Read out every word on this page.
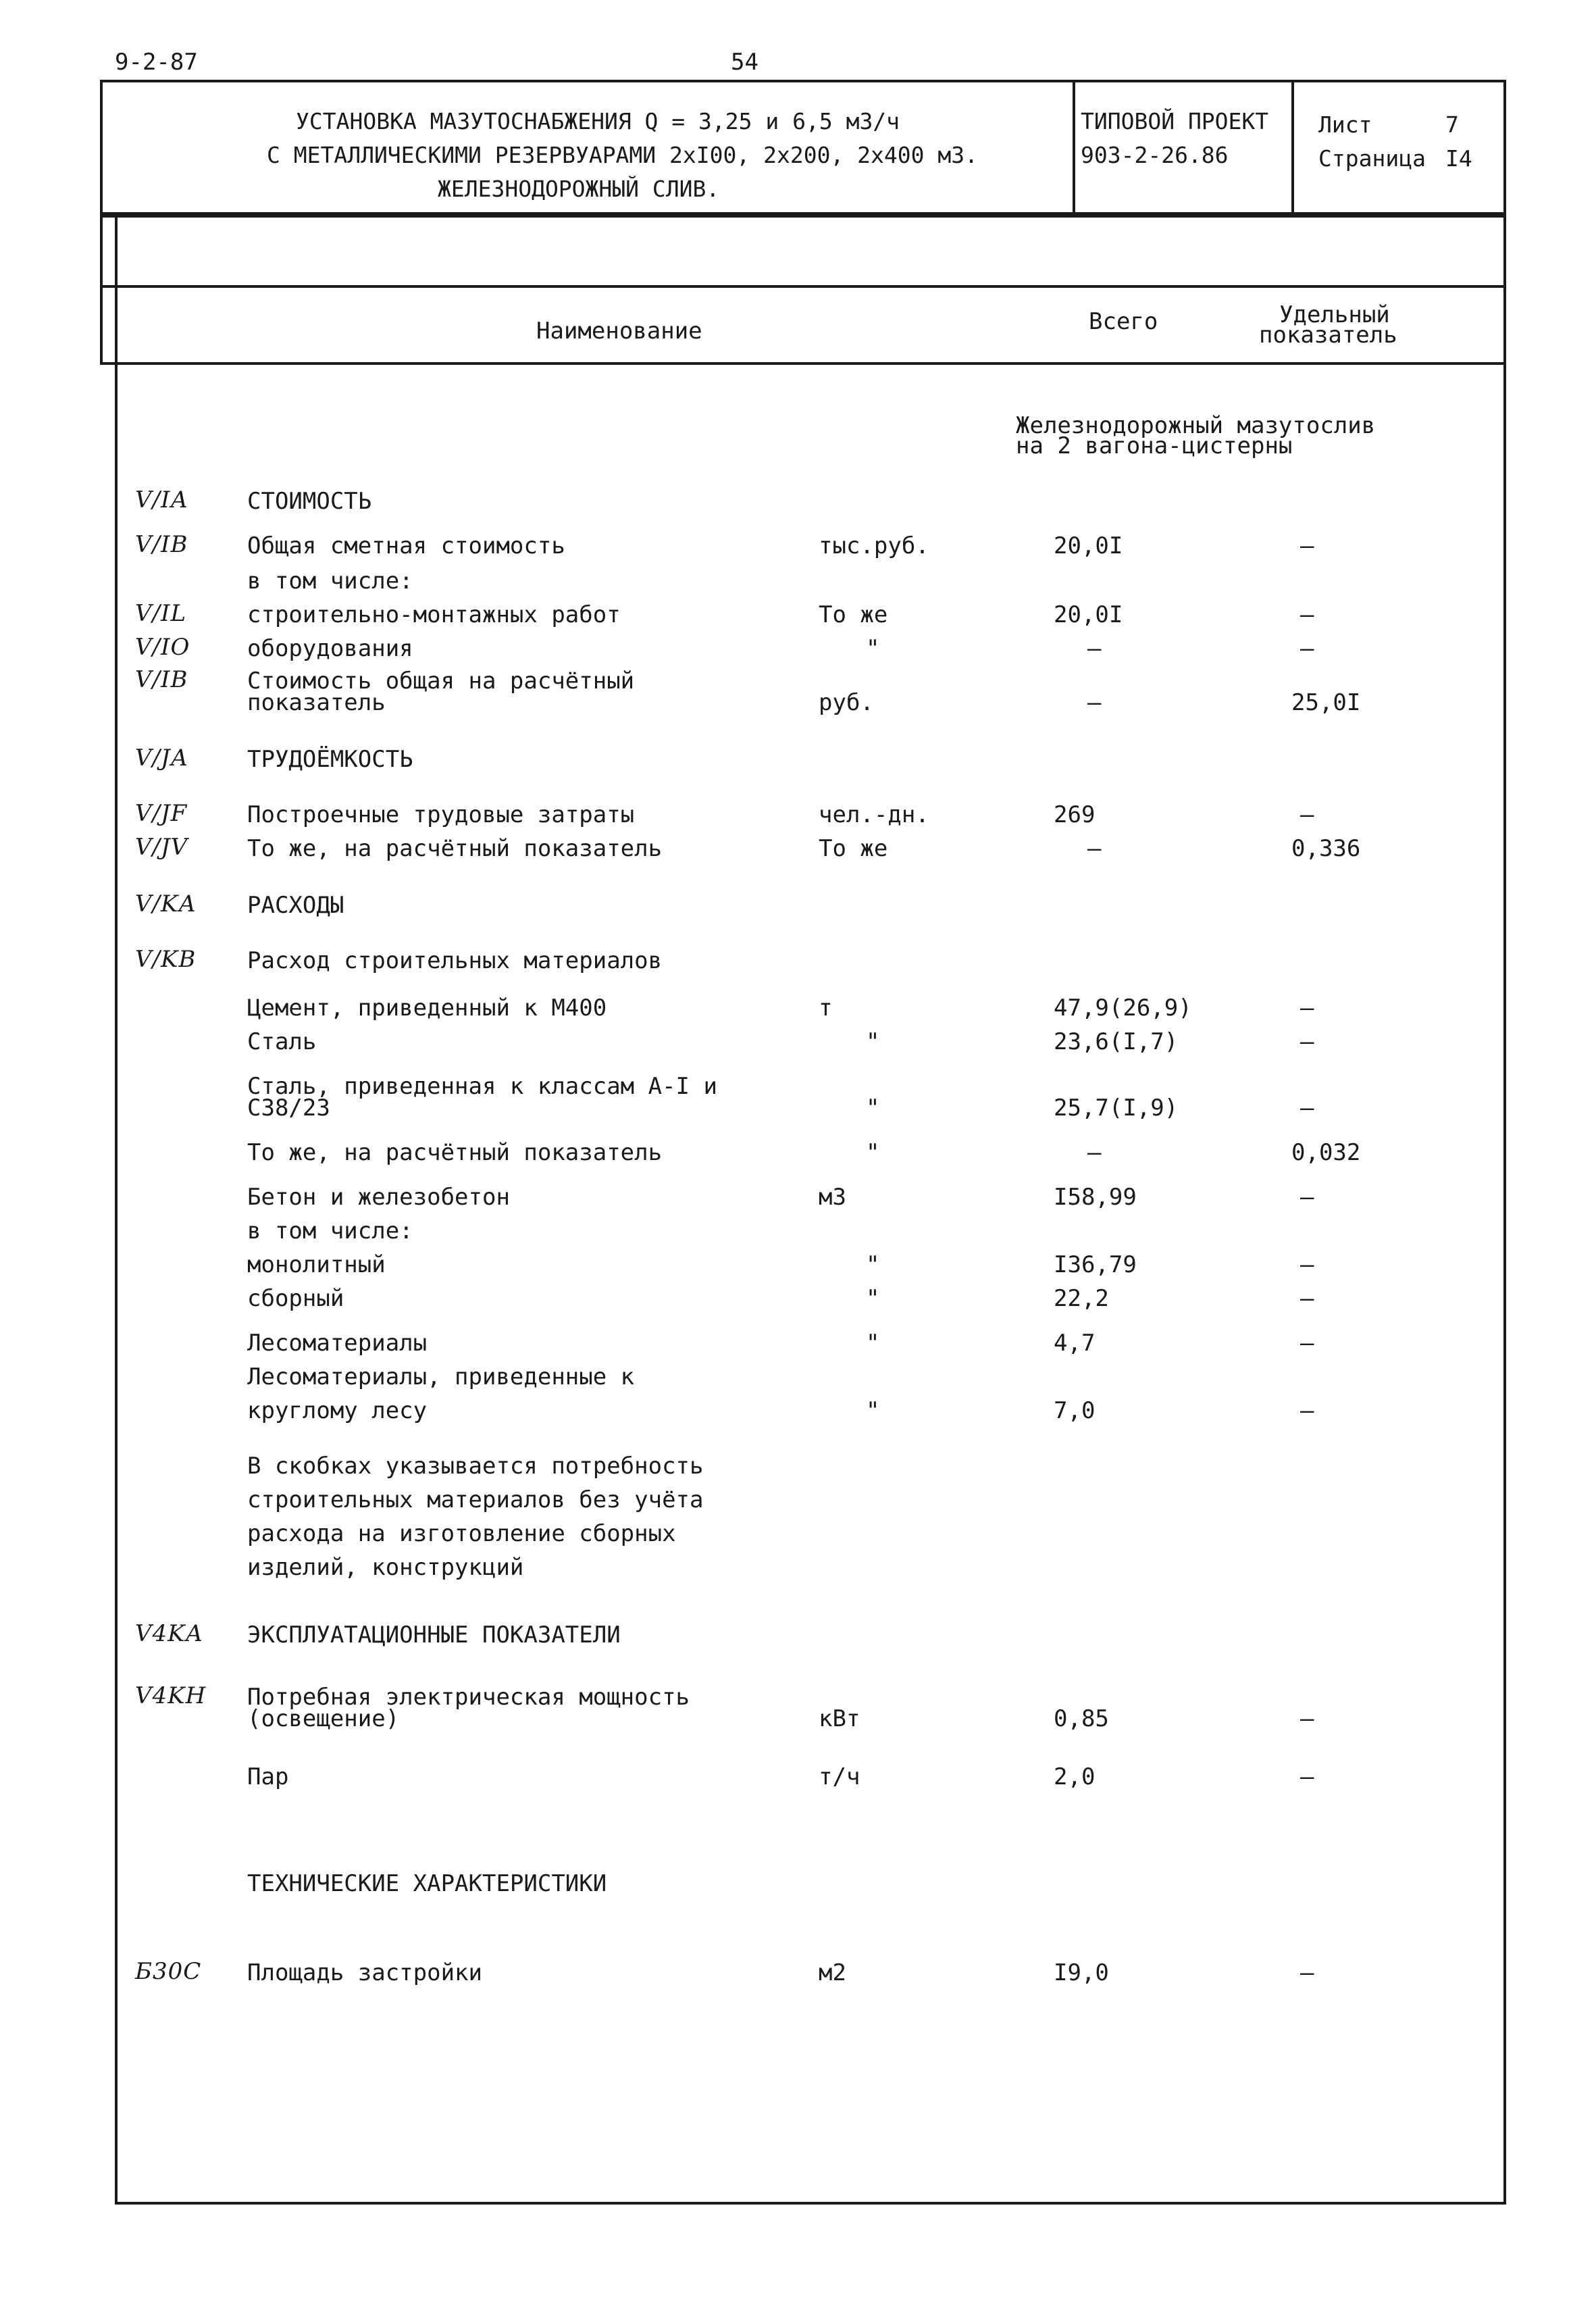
9-2-87	54
УСТАНОВКА МАЗУТОСНАБЖЕНИЯ Q = 3,25 и 6,5 м3/ч
С МЕТАЛЛИЧЕСКИМИ РЕЗЕРВУАРАМИ 2хI00, 2х200, 2х400 м3.
ЖЕЛЕЗНОДОРОЖНЫЙ СЛИВ.
ТИПОВОЙ ПРОЕКТ
903-2-26.86
Лист	7
Страница I4
Наименование	Всего	Удельный
показатель
Железнодорожный мазутослив
на 2 вагона-цистерны
V/IА	СТОИМОСТЬ
V/IВ	Общая сметная стоимость	тыс.руб.	20,0I	–
в том числе:
V/IL	строительно-монтажных работ	То же	20,0I	–
V/IО оборудования	"	–	–
V/IВ	Стоимость общая на расчётный
показатель	руб.	–	25,0I
V/JА	ТРУДОЁМКОСТЬ
V/JF	Построечные трудовые затраты	чел.-дн.	269	–
V/JV	То же, на расчётный показатель	То же	–	0,336
V/KА РАСХОДЫ
V/KВ Расход строительных материалов
Цемент, приведенный к М400	т	47,9(26,9)	–
Сталь	"	23,6(I,7)	–
Сталь, приведенная к классам А-I и
С38/23	"	25,7(I,9)	–
То же, на расчётный показатель	"	–	0,032
Бетон и железобетон	м3	I58,99	–
в том числе:
монолитный	"	I36,79	–
сборный	"	22,2	–
Лесоматериалы	"	4,7	–
Лесоматериалы, приведенные к
круглому лесу	"	7,0	–
В скобках указывается потребность
строительных материалов без учёта
расхода на изготовление сборных
изделий, конструкций
V4KА ЭКСПЛУАТАЦИОННЫЕ ПОКАЗАТЕЛИ
V4KН Потребная электрическая мощность
(освещение)	кВт	0,85	–
Пар	т/ч	2,0	–
ТЕХНИЧЕСКИЕ ХАРАКТЕРИСТИКИ
Б30С Площадь застройки	м2	I9,0	–
